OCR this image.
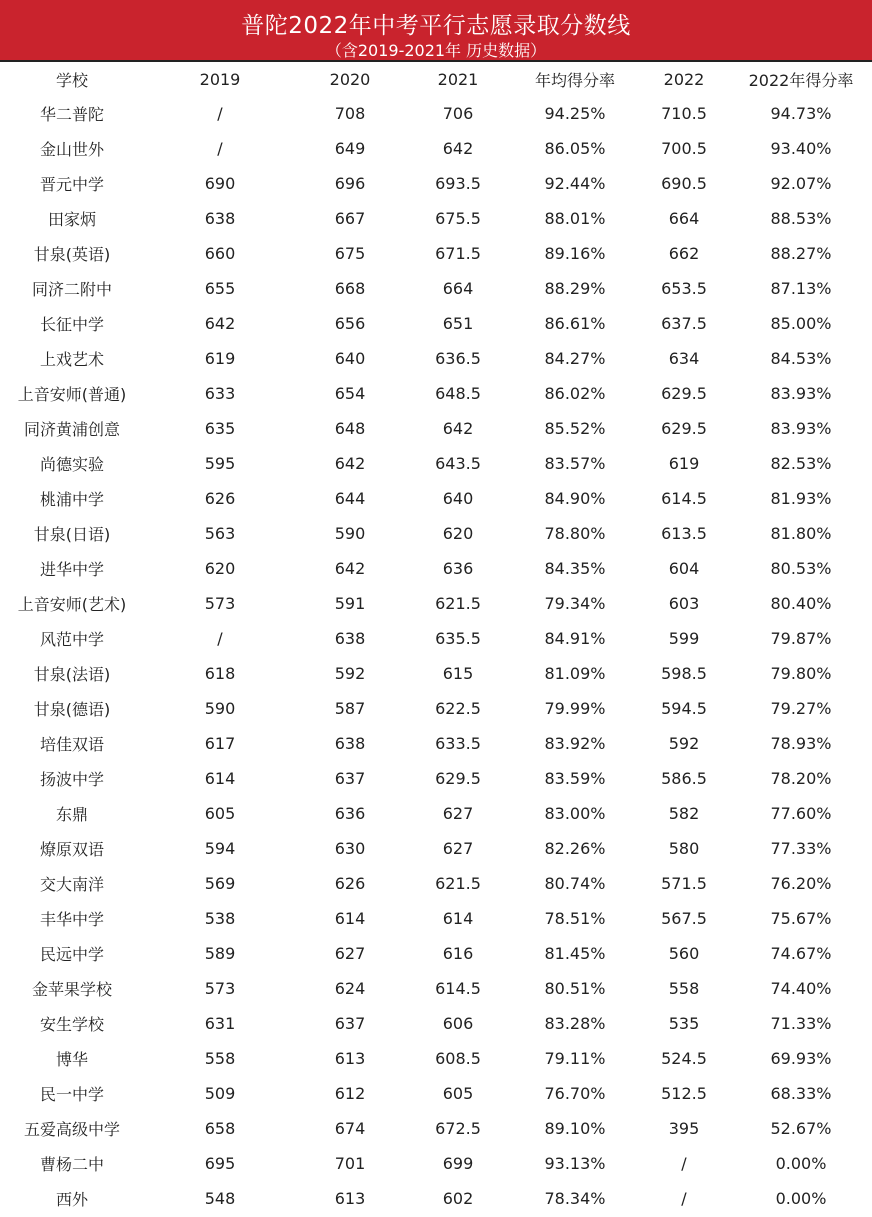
普陀2022年中考平行志愿录取分数线
（含2019-2021年 历史数据）
学校	2019	2020	2021	年均得分率	2022	2022年得分率
华二普陀	/	708	706	94.25%	710.5	94.73%
金山世外	/	649	642	86.05%	700.5	93.40%
晋元中学	690	696	693.5	92.44%	690.5	92.07%
田家炳	638	667	675.5	88.01%	664	88.53%
甘泉(英语)	660	675	671.5	89.16%	662	88.27%
同济二附中	655	668	664	88.29%	653.5	87.13%
长征中学	642	656	651	86.61%	637.5	85.00%
上戏艺术	619	640	636.5	84.27%	634	84.53%
上音安师(普通)	633	654	648.5	86.02%	629.5	83.93%
同济黄浦创意	635	648	642	85.52%	629.5	83.93%
尚德实验	595	642	643.5	83.57%	619	82.53%
桃浦中学	626	644	640	84.90%	614.5	81.93%
甘泉(日语)	563	590	620	78.80%	613.5	81.80%
进华中学	620	642	636	84.35%	604	80.53%
上音安师(艺术)	573	591	621.5	79.34%	603	80.40%
风范中学	/	638	635.5	84.91%	599	79.87%
甘泉(法语)	618	592	615	81.09%	598.5	79.80%
甘泉(德语)	590	587	622.5	79.99%	594.5	79.27%
培佳双语	617	638	633.5	83.92%	592	78.93%
扬波中学	614	637	629.5	83.59%	586.5	78.20%
东鼎	605	636	627	83.00%	582	77.60%
燎原双语	594	630	627	82.26%	580	77.33%
交大南洋	569	626	621.5	80.74%	571.5	76.20%
丰华中学	538	614	614	78.51%	567.5	75.67%
民远中学	589	627	616	81.45%	560	74.67%
金苹果学校	573	624	614.5	80.51%	558	74.40%
安生学校	631	637	606	83.28%	535	71.33%
博华	558	613	608.5	79.11%	524.5	69.93%
民一中学	509	612	605	76.70%	512.5	68.33%
五爱高级中学	658	674	672.5	89.10%	395	52.67%
曹杨二中	695	701	699	93.13%	/	0.00%
西外	548	613	602	78.34%	/	0.00%
